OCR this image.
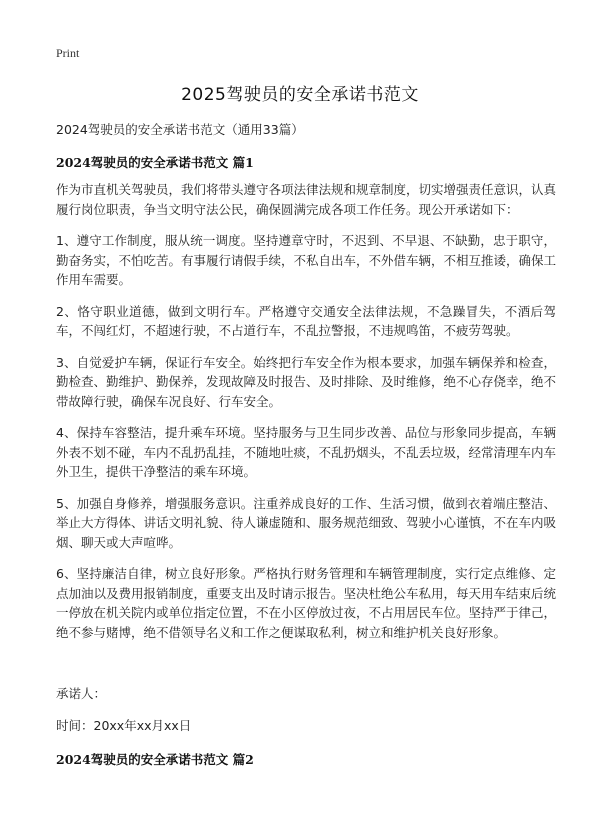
Print
2025驾驶员的安全承诺书范文
2024驾驶员的安全承诺书范文（通用33篇）
2024驾驶员的安全承诺书范文 篇1

作为市直机关驾驶员，我们将带头遵守各项法律法规和规章制度，切实增强责任意识，认真履行岗位职责，争当文明守法公民，确保圆满完成各项工作任务。现公开承诺如下：

1、遵守工作制度，服从统一调度。坚持遵章守时，不迟到、不早退、不缺勤，忠于职守，勤奋务实，不怕吃苦。有事履行请假手续，不私自出车，不外借车辆，不相互推诿，确保工作用车需要。

2、恪守职业道德，做到文明行车。严格遵守交通安全法律法规，不急躁冒失，不酒后驾车，不闯红灯，不超速行驶，不占道行车，不乱拉警报，不违规鸣笛，不疲劳驾驶。

3、自觉爱护车辆，保证行车安全。始终把行车安全作为根本要求，加强车辆保养和检查，勤检查、勤维护、勤保养，发现故障及时报告、及时排除、及时维修，绝不心存侥幸，绝不带故障行驶，确保车况良好、行车安全。

4、保持车容整洁，提升乘车环境。坚持服务与卫生同步改善、品位与形象同步提高，车辆外表不划不碰，车内不乱扔乱挂，不随地吐痰，不乱扔烟头，不乱丢垃圾，经常清理车内车外卫生，提供干净整洁的乘车环境。

5、加强自身修养，增强服务意识。注重养成良好的工作、生活习惯，做到衣着端庄整洁、举止大方得体、讲话文明礼貌、待人谦虚随和、服务规范细致、驾驶小心谨慎，不在车内吸烟、聊天或大声喧哗。

6、坚持廉洁自律，树立良好形象。严格执行财务管理和车辆管理制度，实行定点维修、定点加油以及费用报销制度，重要支出及时请示报告。坚决杜绝公车私用，每天用车结束后统一停放在机关院内或单位指定位置，不在小区停放过夜，不占用居民车位。坚持严于律己，绝不参与赌博，绝不借领导名义和工作之便谋取私利，树立和维护机关良好形象。

承诺人：
时间：20xx年xx月xx日
2024驾驶员的安全承诺书范文 篇2
